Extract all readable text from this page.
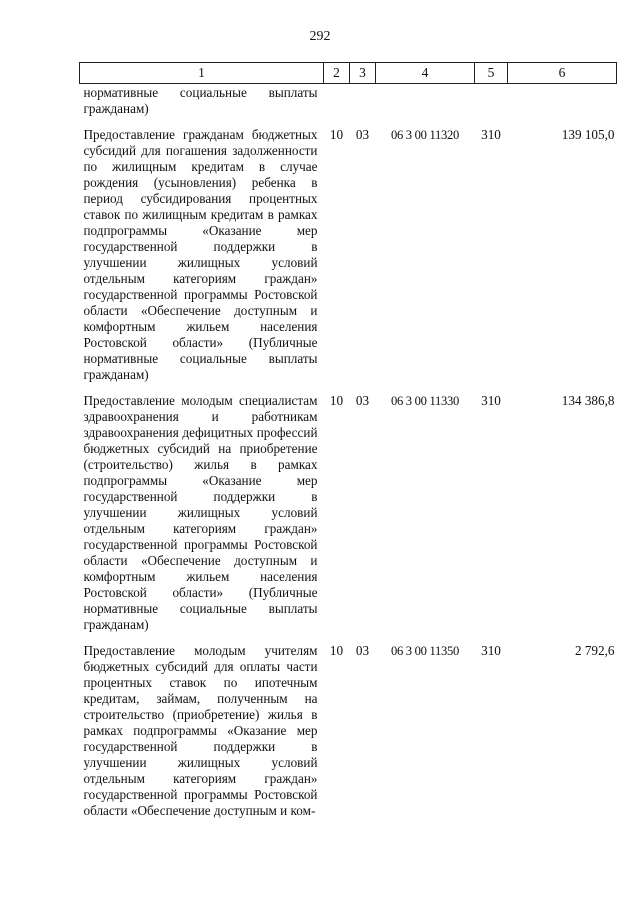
292
1	2	3	4	5	6
нормативные социальные выплаты гражданам)					
Предоставление гражданам бюджетных субсидий для погашения задолженности по жилищным кредитам в случае рождения (усыновления) ребенка в период субсидирования процентных ставок по жилищным кредитам в рамках подпрограммы «Оказание мер государственной поддержки в улучшении жилищных условий отдельным категориям граждан» государственной программы Ростовской области «Обеспечение доступным и комфортным жильем населения Ростовской области» (Публичные нормативные социальные выплаты гражданам)	10	03	06 3 00 11320	310	139 105,0
Предоставление молодым специалистам здравоохранения и работникам здравоохранения дефицитных профессий бюджетных субсидий на приобретение (строительство) жилья в рамках подпрограммы «Оказание мер государственной поддержки в улучшении жилищных условий отдельным категориям граждан» государственной программы Ростовской области «Обеспечение доступным и комфортным жильем населения Ростовской области» (Публичные нормативные социальные выплаты гражданам)	10	03	06 3 00 11330	310	134 386,8
Предоставление молодым учителям бюджетных субсидий для оплаты части процентных ставок по ипотечным кредитам, займам, полученным на строительство (приобретение) жилья в рамках подпрограммы «Оказание мер государственной поддержки в улучшении жилищных условий отдельным категориям граждан» государственной программы Ростовской области «Обеспечение доступным и ком-	10	03	06 3 00 11350	310	2 792,6
